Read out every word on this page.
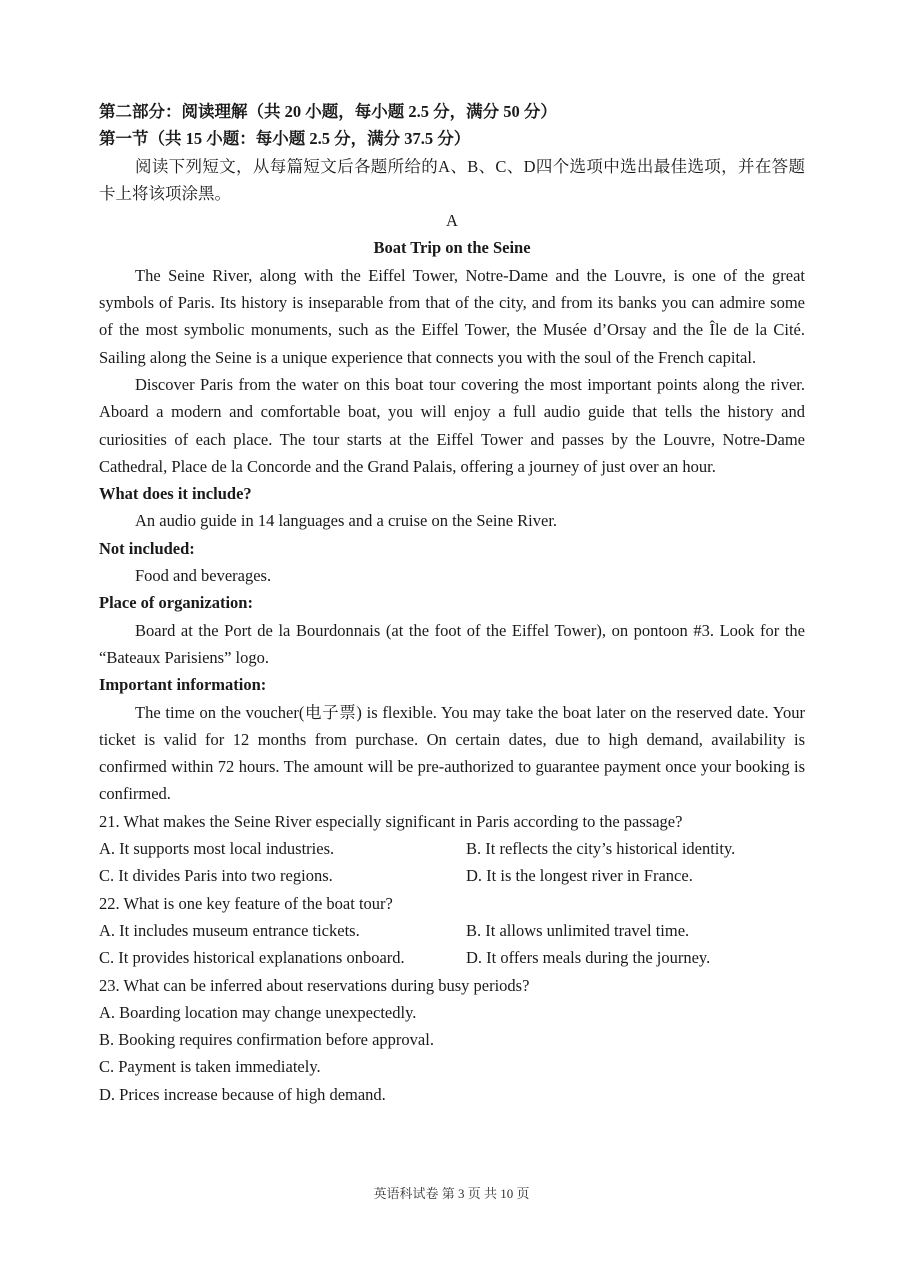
第二部分：阅读理解（共 20 小题，每小题 2.5 分，满分 50 分）

第一节（共 15 小题：每小题 2.5 分，满分 37.5 分）

阅读下列短文，从每篇短文后各题所给的A、B、C、D四个选项中选出最佳选项，并在答题卡上将该项涂黑。

A

Boat Trip on the Seine

The Seine River, along with the Eiffel Tower, Notre-Dame and the Louvre, is one of the great symbols of Paris. Its history is inseparable from that of the city, and from its banks you can admire some of the most symbolic monuments, such as the Eiffel Tower, the Musée d’Orsay and the Île de la Cité. Sailing along the Seine is a unique experience that connects you with the soul of the French capital.

Discover Paris from the water on this boat tour covering the most important points along the river. Aboard a modern and comfortable boat, you will enjoy a full audio guide that tells the history and curiosities of each place. The tour starts at the Eiffel Tower and passes by the Louvre, Notre-Dame Cathedral, Place de la Concorde and the Grand Palais, offering a journey of just over an hour.

What does it include?

An audio guide in 14 languages and a cruise on the Seine River.

Not included:

Food and beverages.

Place of organization:

Board at the Port de la Bourdonnais (at the foot of the Eiffel Tower), on pontoon #3. Look for the “Bateaux Parisiens” logo.

Important information:

The time on the voucher(电子票) is flexible. You may take the boat later on the reserved date. Your ticket is valid for 12 months from purchase. On certain dates, due to high demand, availability is confirmed within 72 hours. The amount will be pre-authorized to guarantee payment once your booking is confirmed.

21. What makes the Seine River especially significant in Paris according to the passage?

A. It supports most local industries.	B. It reflects the city’s historical identity.
C. It divides Paris into two regions.	D. It is the longest river in France.

22. What is one key feature of the boat tour?

A. It includes museum entrance tickets.	B. It allows unlimited travel time.
C. It provides historical explanations onboard.	D. It offers meals during the journey.

23. What can be inferred about reservations during busy periods?

A. Boarding location may change unexpectedly.

B. Booking requires confirmation before approval.

C. Payment is taken immediately.

D. Prices increase because of high demand.

英语科试卷 第 3 页 共 10 页
